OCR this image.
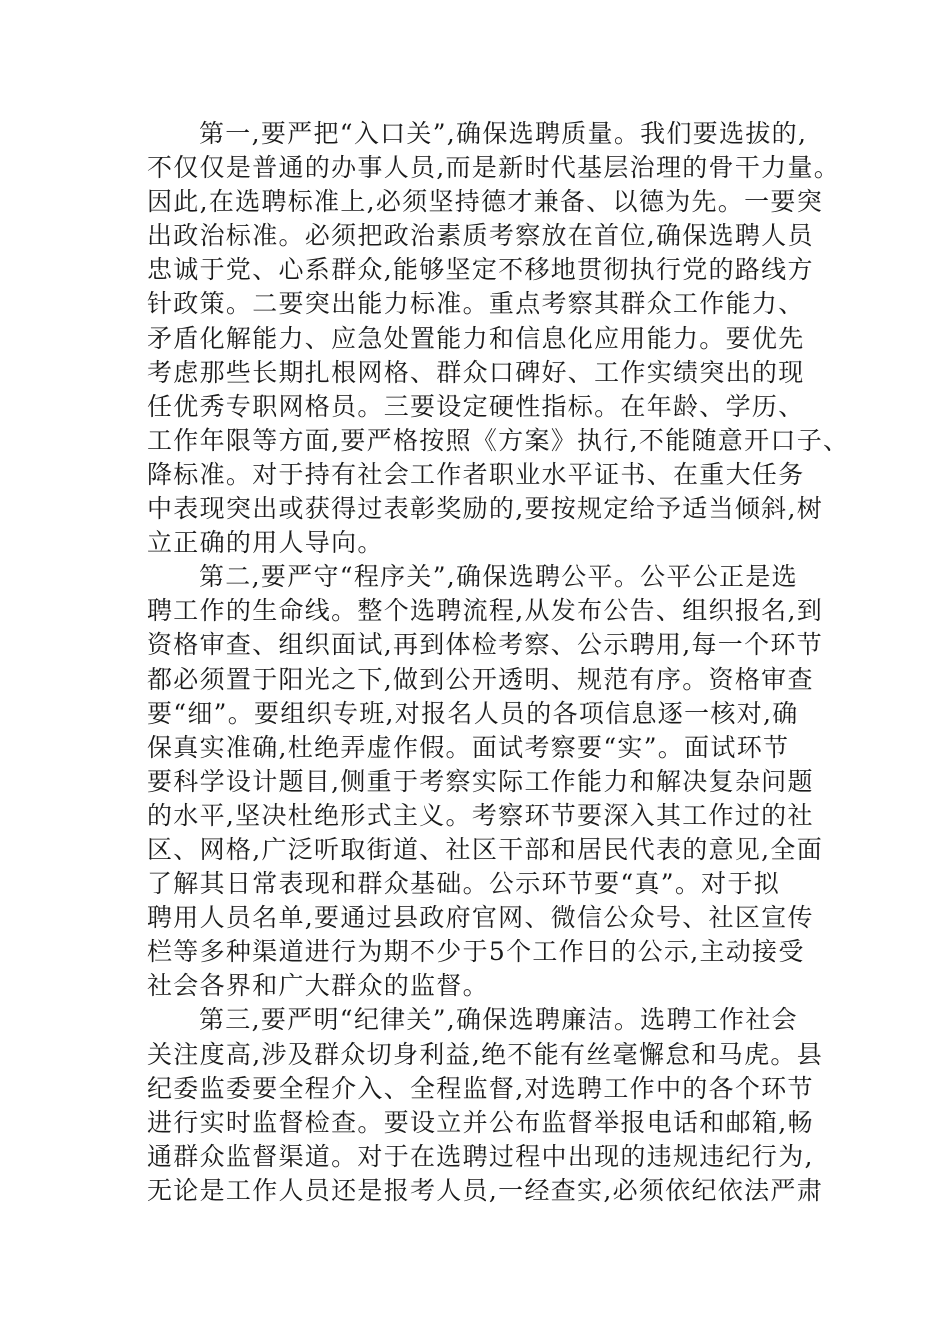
第一,要严把“入口关”,确保选聘质量。我们要选拔的,
不仅仅是普通的办事人员,而是新时代基层治理的骨干力量。
因此,在选聘标准上,必须坚持德才兼备、以德为先。一要突
出政治标准。必须把政治素质考察放在首位,确保选聘人员
忠诚于党、心系群众,能够坚定不移地贯彻执行党的路线方
针政策。二要突出能力标准。重点考察其群众工作能力、
矛盾化解能力、应急处置能力和信息化应用能力。要优先
考虑那些长期扎根网格、群众口碑好、工作实绩突出的现
任优秀专职网格员。三要设定硬性指标。在年龄、学历、
工作年限等方面,要严格按照《方案》执行,不能随意开口子、
降标准。对于持有社会工作者职业水平证书、在重大任务
中表现突出或获得过表彰奖励的,要按规定给予适当倾斜,树
立正确的用人导向。
第二,要严守“程序关”,确保选聘公平。公平公正是选
聘工作的生命线。整个选聘流程,从发布公告、组织报名,到
资格审查、组织面试,再到体检考察、公示聘用,每一个环节
都必须置于阳光之下,做到公开透明、规范有序。资格审查
要“细”。要组织专班,对报名人员的各项信息逐一核对,确
保真实准确,杜绝弄虚作假。面试考察要“实”。面试环节
要科学设计题目,侧重于考察实际工作能力和解决复杂问题
的水平,坚决杜绝形式主义。考察环节要深入其工作过的社
区、网格,广泛听取街道、社区干部和居民代表的意见,全面
了解其日常表现和群众基础。公示环节要“真”。对于拟
聘用人员名单,要通过县政府官网、微信公众号、社区宣传
栏等多种渠道进行为期不少于5个工作日的公示,主动接受
社会各界和广大群众的监督。
第三,要严明“纪律关”,确保选聘廉洁。选聘工作社会
关注度高,涉及群众切身利益,绝不能有丝毫懈怠和马虎。县
纪委监委要全程介入、全程监督,对选聘工作中的各个环节
进行实时监督检查。要设立并公布监督举报电话和邮箱,畅
通群众监督渠道。对于在选聘过程中出现的违规违纪行为,
无论是工作人员还是报考人员,一经查实,必须依纪依法严肃
